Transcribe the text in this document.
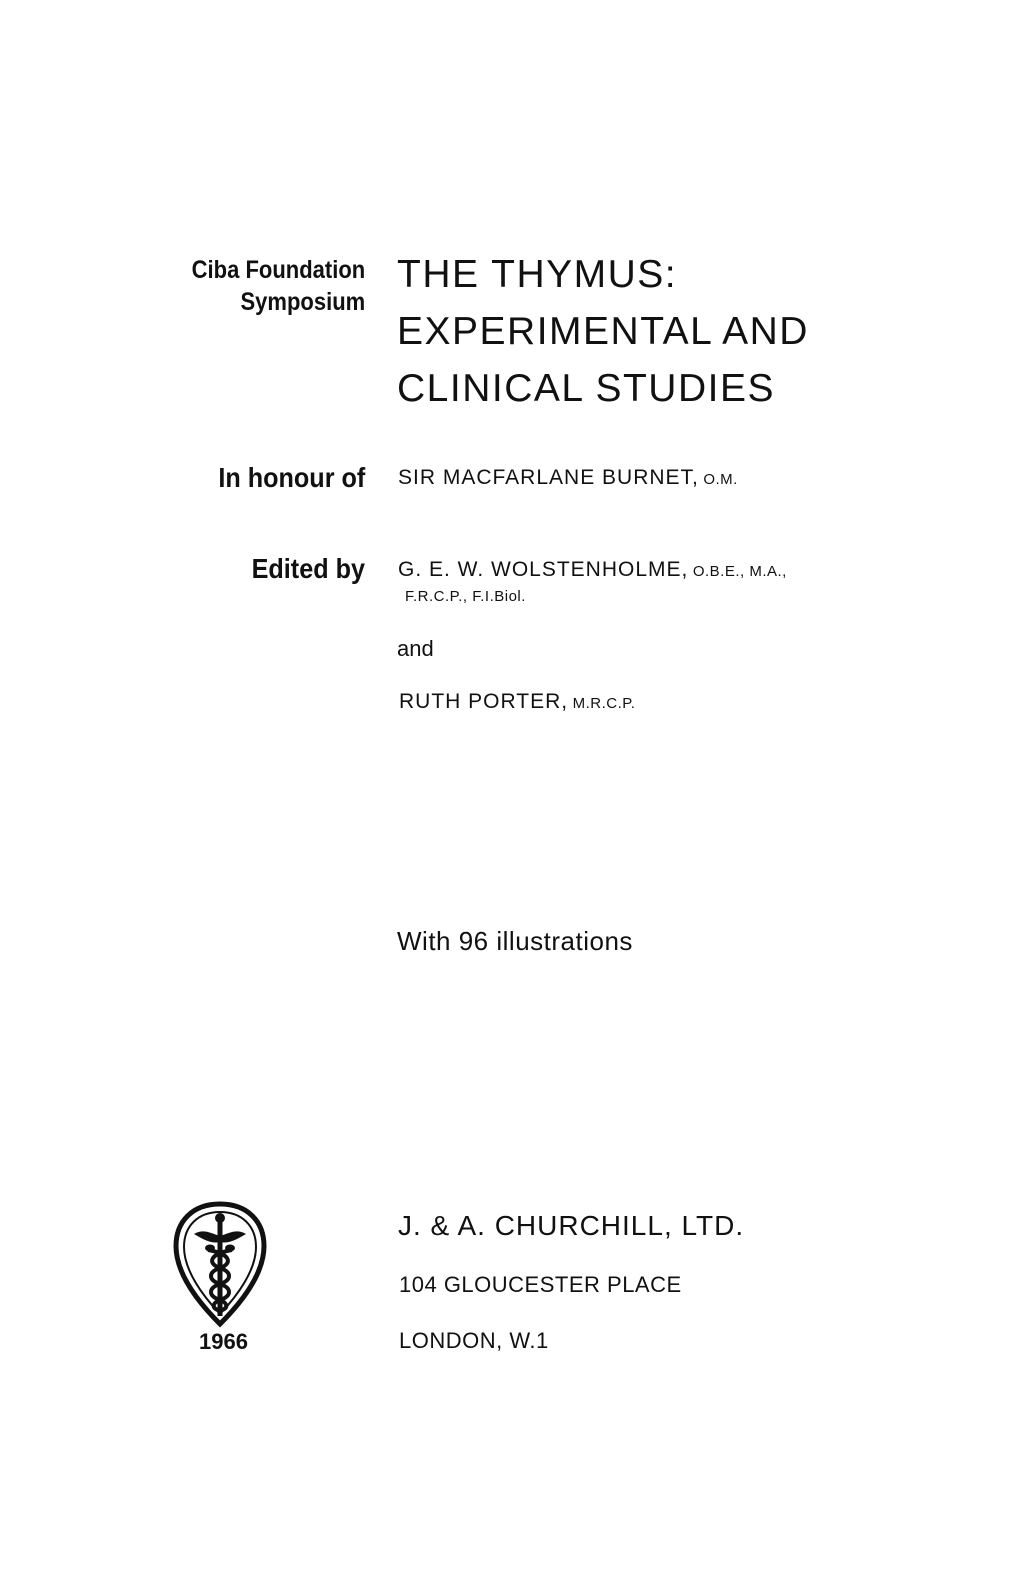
Ciba Foundation
Symposium
THE THYMUS:
EXPERIMENTAL AND
CLINICAL STUDIES
In honour of SIR MACFARLANE BURNET, O.M.
Edited by G. E. W. WOLSTENHOLME, O.B.E., M.A.,
F.R.C.P., F.I.Biol.
and
RUTH PORTER, M.R.C.P.
With 96 illustrations
1966
J. & A. CHURCHILL, LTD.
104 GLOUCESTER PLACE
LONDON, W.1
